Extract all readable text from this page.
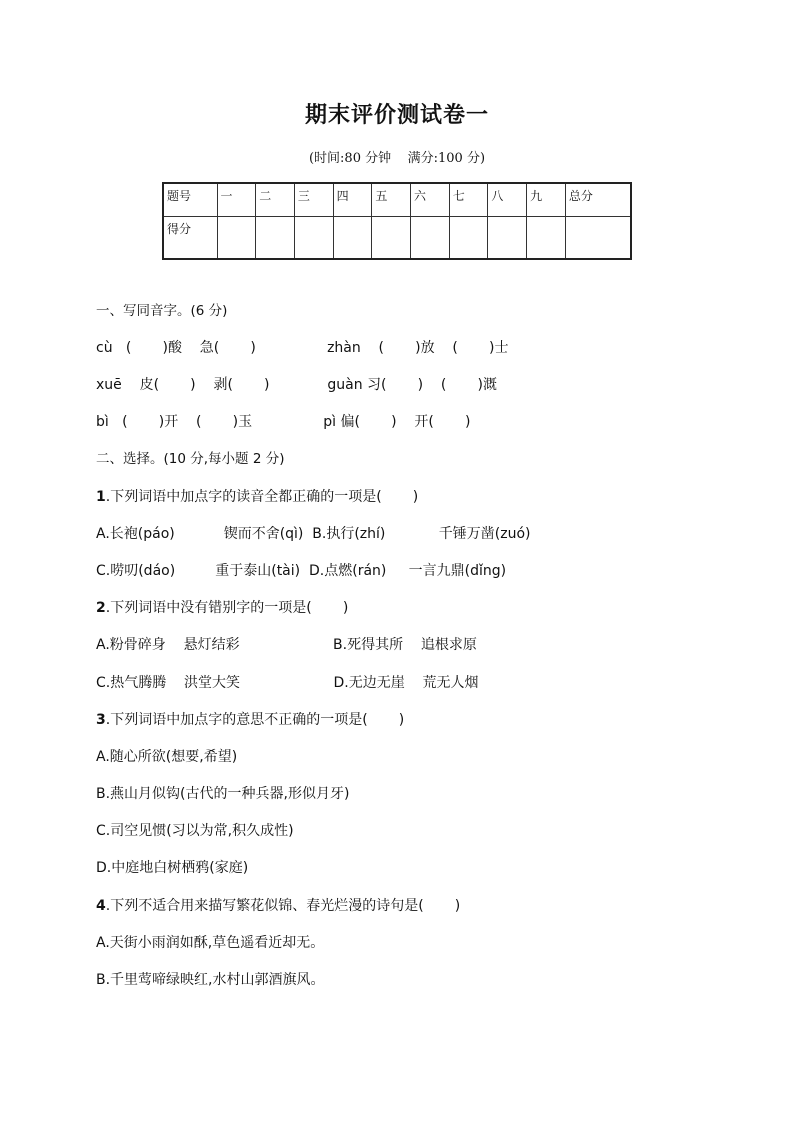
期末评价测试卷一
(时间:80 分钟    满分:100 分)
题号	一	二	三	四	五	六	七	八	九	总分
得分										
一、写同音字。(6 分)
cù   (       )酸    急(       )                zhàn    (       )放    (       )士
xuē    皮(       )    剥(       )             guàn 习(       )    (       )溉
bì   (       )开    (       )玉                pì 偏(       )    开(       )
二、选择。(10 分,每小题 2 分)
1.下列词语中加点字的读音全都正确的一项是(       )
A.长袍(páo)           锲而不舍(qì)  B.执行(zhí)            千锤万凿(zuó)
C.唠叨(dáo)         重于泰山(tài)  D.点燃(rán)     一言九鼎(dǐng)
2.下列词语中没有错别字的一项是(       )
A.粉骨碎身    悬灯结彩                     B.死得其所    追根求原
C.热气腾腾    洪堂大笑                     D.无边无崖    荒无人烟
3.下列词语中加点字的意思不正确的一项是(       )
A.随心所欲(想要,希望)
B.燕山月似钩(古代的一种兵器,形似月牙)
C.司空见惯(习以为常,积久成性)
D.中庭地白树栖鸦(家庭)
4.下列不适合用来描写繁花似锦、春光烂漫的诗句是(       )
A.天街小雨润如酥,草色遥看近却无。
B.千里莺啼绿映红,水村山郭酒旗风。
